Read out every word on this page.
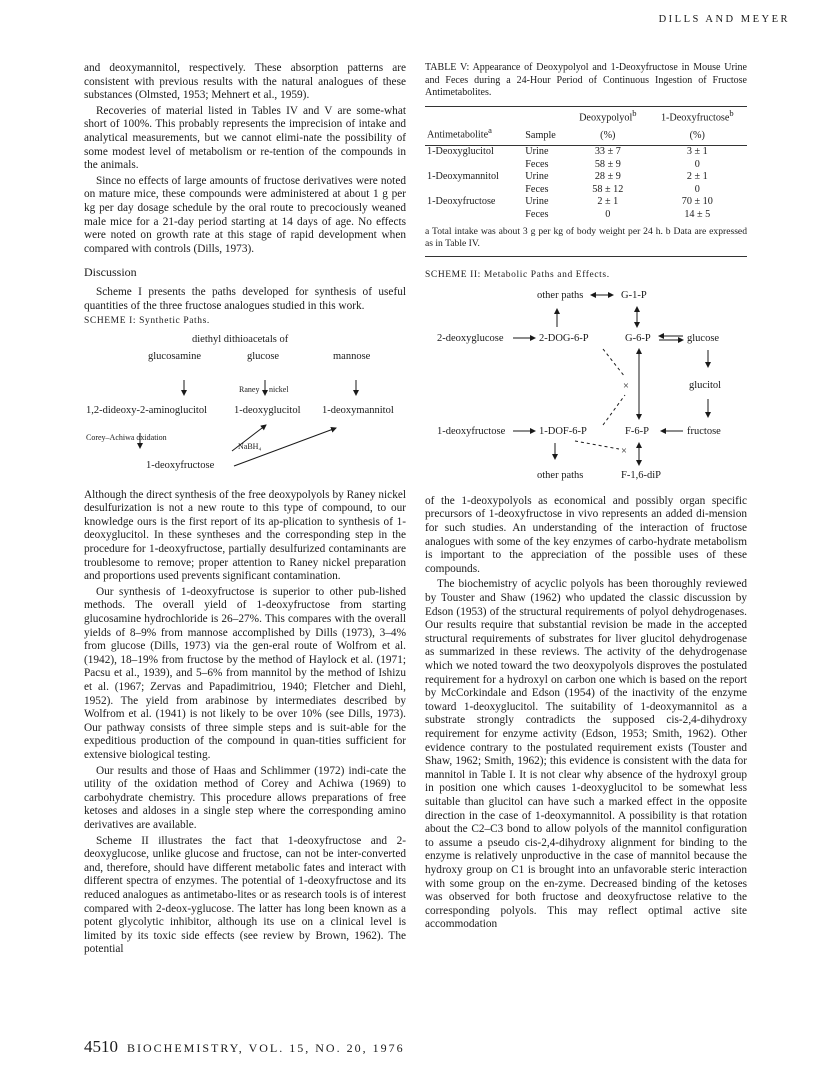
DILLS AND MEYER

and deoxymannitol, respectively. These absorption patterns are consistent with previous results with the natural analogues of these substances (Olmsted, 1953; Mehnert et al., 1959).

Recoveries of material listed in Tables IV and V are some-what short of 100%. This probably represents the imprecision of intake and analytical measurements, but we cannot elimi-nate the possibility of some modest level of metabolism or re-tention of the compounds in the animals.

Since no effects of large amounts of fructose derivatives were noted on mature mice, these compounds were administered at about 1 g per kg per day dosage schedule by the oral route to precociously weaned male mice for a 21-day period starting at 14 days of age. No effects were noted on growth rate at this stage of rapid development when compared with controls (Dills, 1973).

Discussion

Scheme I presents the paths developed for synthesis of useful quantities of the three fructose analogues studied in this work.

SCHEME I: Synthetic Paths.
diethyl dithioacetals of
glucosamine	glucose	mannose
Raney nickel
1,2-dideoxy-2-aminoglucitol	1-deoxyglucitol 1-deoxymannitol
Corey–Achiwa oxidation
NaBH₄
1-deoxyfructose

Although the direct synthesis of the free deoxypolyols by Raney nickel desulfurization is not a new route to this type of compound, to our knowledge ours is the first report of its ap-plication to synthesis of 1-deoxyglucitol. In these syntheses and the corresponding step in the procedure for 1-deoxyfructose, partially desulfurized contaminants are troublesome to remove; proper attention to Raney nickel preparation and proportions used prevents significant contamination.

Our synthesis of 1-deoxyfructose is superior to other pub-lished methods. The overall yield of 1-deoxyfructose from starting glucosamine hydrochloride is 26–27%. This compares with the overall yields of 8–9% from mannose accomplished by Dills (1973), 3–4% from glucose (Dills, 1973) via the gen-eral route of Wolfrom et al. (1942), 18–19% from fructose by the method of Haylock et al. (1971; Pacsu et al., 1939), and 5–6% from mannitol by the method of Ishizu et al. (1967; Zervas and Papadimitriou, 1940; Fletcher and Diehl, 1952). The yield from arabinose by intermediates described by Wolfrom et al. (1941) is not likely to be over 10% (see Dills, 1973). Our pathway consists of three simple steps and is suit-able for the expeditious production of the compound in quan-tities sufficient for extensive biological testing.

Our results and those of Haas and Schlimmer (1972) indi-cate the utility of the oxidation method of Corey and Achiwa (1969) to carbohydrate chemistry. This procedure allows preparations of free ketoses and aldoses in a single step where the corresponding amino derivatives are available.

Scheme II illustrates the fact that 1-deoxyfructose and 2-deoxyglucose, unlike glucose and fructose, can not be inter-converted and, therefore, should have different metabolic fates and interact with different spectra of enzymes. The potential of 1-deoxyfructose and its reduced analogues as antimetabo-lites or as research tools is of interest compared with 2-deox-yglucose. The latter has long been known as a potent glycolytic inhibitor, although its use on a clinical level is limited by its toxic side effects (see review by Brown, 1962). The potential

TABLE V: Appearance of Deoxypolyol and 1-Deoxyfructose in Mouse Urine and Feces during a 24-Hour Period of Continuous Ingestion of Fructose Antimetabolites.
		Deoxypolyol$^b$	1-Deoxyfructose$^b$
Antimetabolite$^a$	Sample	(%)	(%)

1-Deoxyglucitol	Urine	33 ± 7	3 ± 1
	Feces	58 ± 9	0
1-Deoxymannitol	Urine	28 ± 9	2 ± 1
	Feces	58 ± 12	0
1-Deoxyfructose	Urine	2 ± 1	70 ± 10
	Feces	0	14 ± 5
a Total intake was about 3 g per kg of body weight per 24 h. b Data are expressed as in Table IV.
SCHEME II: Metabolic Paths and Effects.
other paths	G-1-P
2-deoxyglucose	2-DOG-6-P	G-6-P	glucose
glucitol
×
1-deoxyfructose	1-DOF-6-P	F-6-P	fructose
×
other paths	F-1,6-diP

of the 1-deoxypolyols as economical and possibly organ specific precursors of 1-deoxyfructose in vivo represents an added di-mension for such studies. An understanding of the interaction of fructose analogues with some of the key enzymes of carbo-hydrate metabolism is important to the appreciation of the possible uses of these compounds.

The biochemistry of acyclic polyols has been thoroughly reviewed by Touster and Shaw (1962) who updated the classic discussion by Edson (1953) of the structural requirements of polyol dehydrogenases. Our results require that substantial revision be made in the accepted structural requirements of substrates for liver glucitol dehydrogenase as summarized in these reviews. The activity of the dehydrogenase which we noted toward the two deoxypolyols disproves the postulated requirement for a hydroxyl on carbon one which is based on the report by McCorkindale and Edson (1954) of the inactivity of the enzyme toward 1-deoxyglucitol. The suitability of 1-deoxymannitol as a substrate strongly contradicts the supposed cis-2,4-dihydroxy requirement for enzyme activity (Edson, 1953; Smith, 1962). Other evidence contrary to the postulated requirement exists (Touster and Shaw, 1962; Smith, 1962); this evidence is consistent with the data for mannitol in Table I. It is not clear why absence of the hydroxyl group in position one which causes 1-deoxyglucitol to be somewhat less suitable than glucitol can have such a marked effect in the opposite direction in the case of 1-deoxymannitol. A possibility is that rotation about the C2–C3 bond to allow polyols of the mannitol configuration to assume a pseudo cis-2,4-dihydroxy alignment for binding to the enzyme is relatively unproductive in the case of mannitol because the hydroxy group on C1 is brought into an unfavorable steric interaction with some group on the en-zyme. Decreased binding of the ketoses was observed for both fructose and deoxyfructose relative to the corresponding polyols. This may reflect optimal active site accommodation

4510 BIOCHEMISTRY, VOL. 15, NO. 20, 1976
